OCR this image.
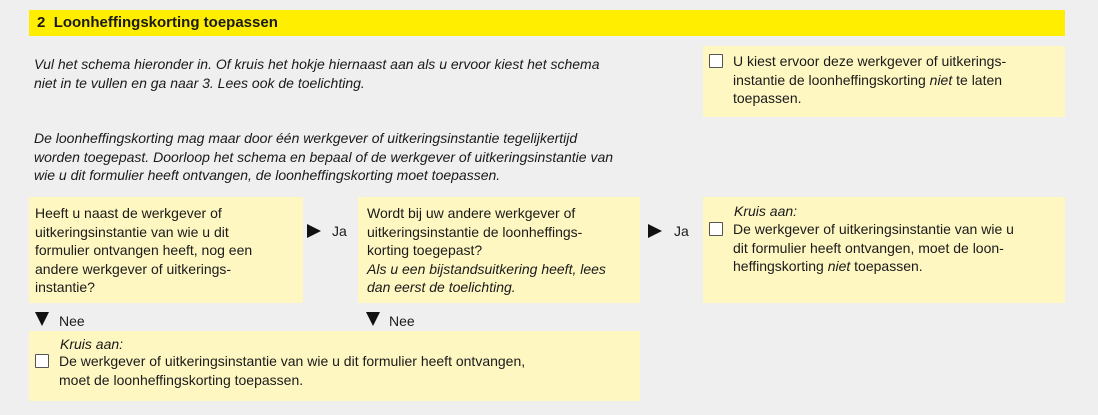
2 Loonheffingskorting toepassen
Vul het schema hieronder in. Of kruis het hokje hiernaast aan als u ervoor kiest het schema
niet in te vullen en ga naar 3. Lees ook de toelichting.
U kiest ervoor deze werkgever of uitkerings-
instantie de loonheffingskorting niet te laten
toepassen.
De loonheffingskorting mag maar door één werkgever of uitkeringsinstantie tegelijkertijd
worden toegepast. Doorloop het schema en bepaal of de werkgever of uitkeringsinstantie van
wie u dit formulier heeft ontvangen, de loonheffingskorting moet toepassen.
Heeft u naast de werkgever of
uitkeringsinstantie van wie u dit
formulier ontvangen heeft, nog een
andere werkgever of uitkerings-
instantie?
Ja
Wordt bij uw andere werkgever of
uitkeringsinstantie de loonheffings-
korting toegepast?
Als u een bijstandsuitkering heeft, lees
dan eerst de toelichting.
Ja
Kruis aan:
De werkgever of uitkeringsinstantie van wie u
dit formulier heeft ontvangen, moet de loon-
heffingskorting niet toepassen.
Nee	Nee
Kruis aan:
De werkgever of uitkeringsinstantie van wie u dit formulier heeft ontvangen,
moet de loonheffingskorting toepassen.
